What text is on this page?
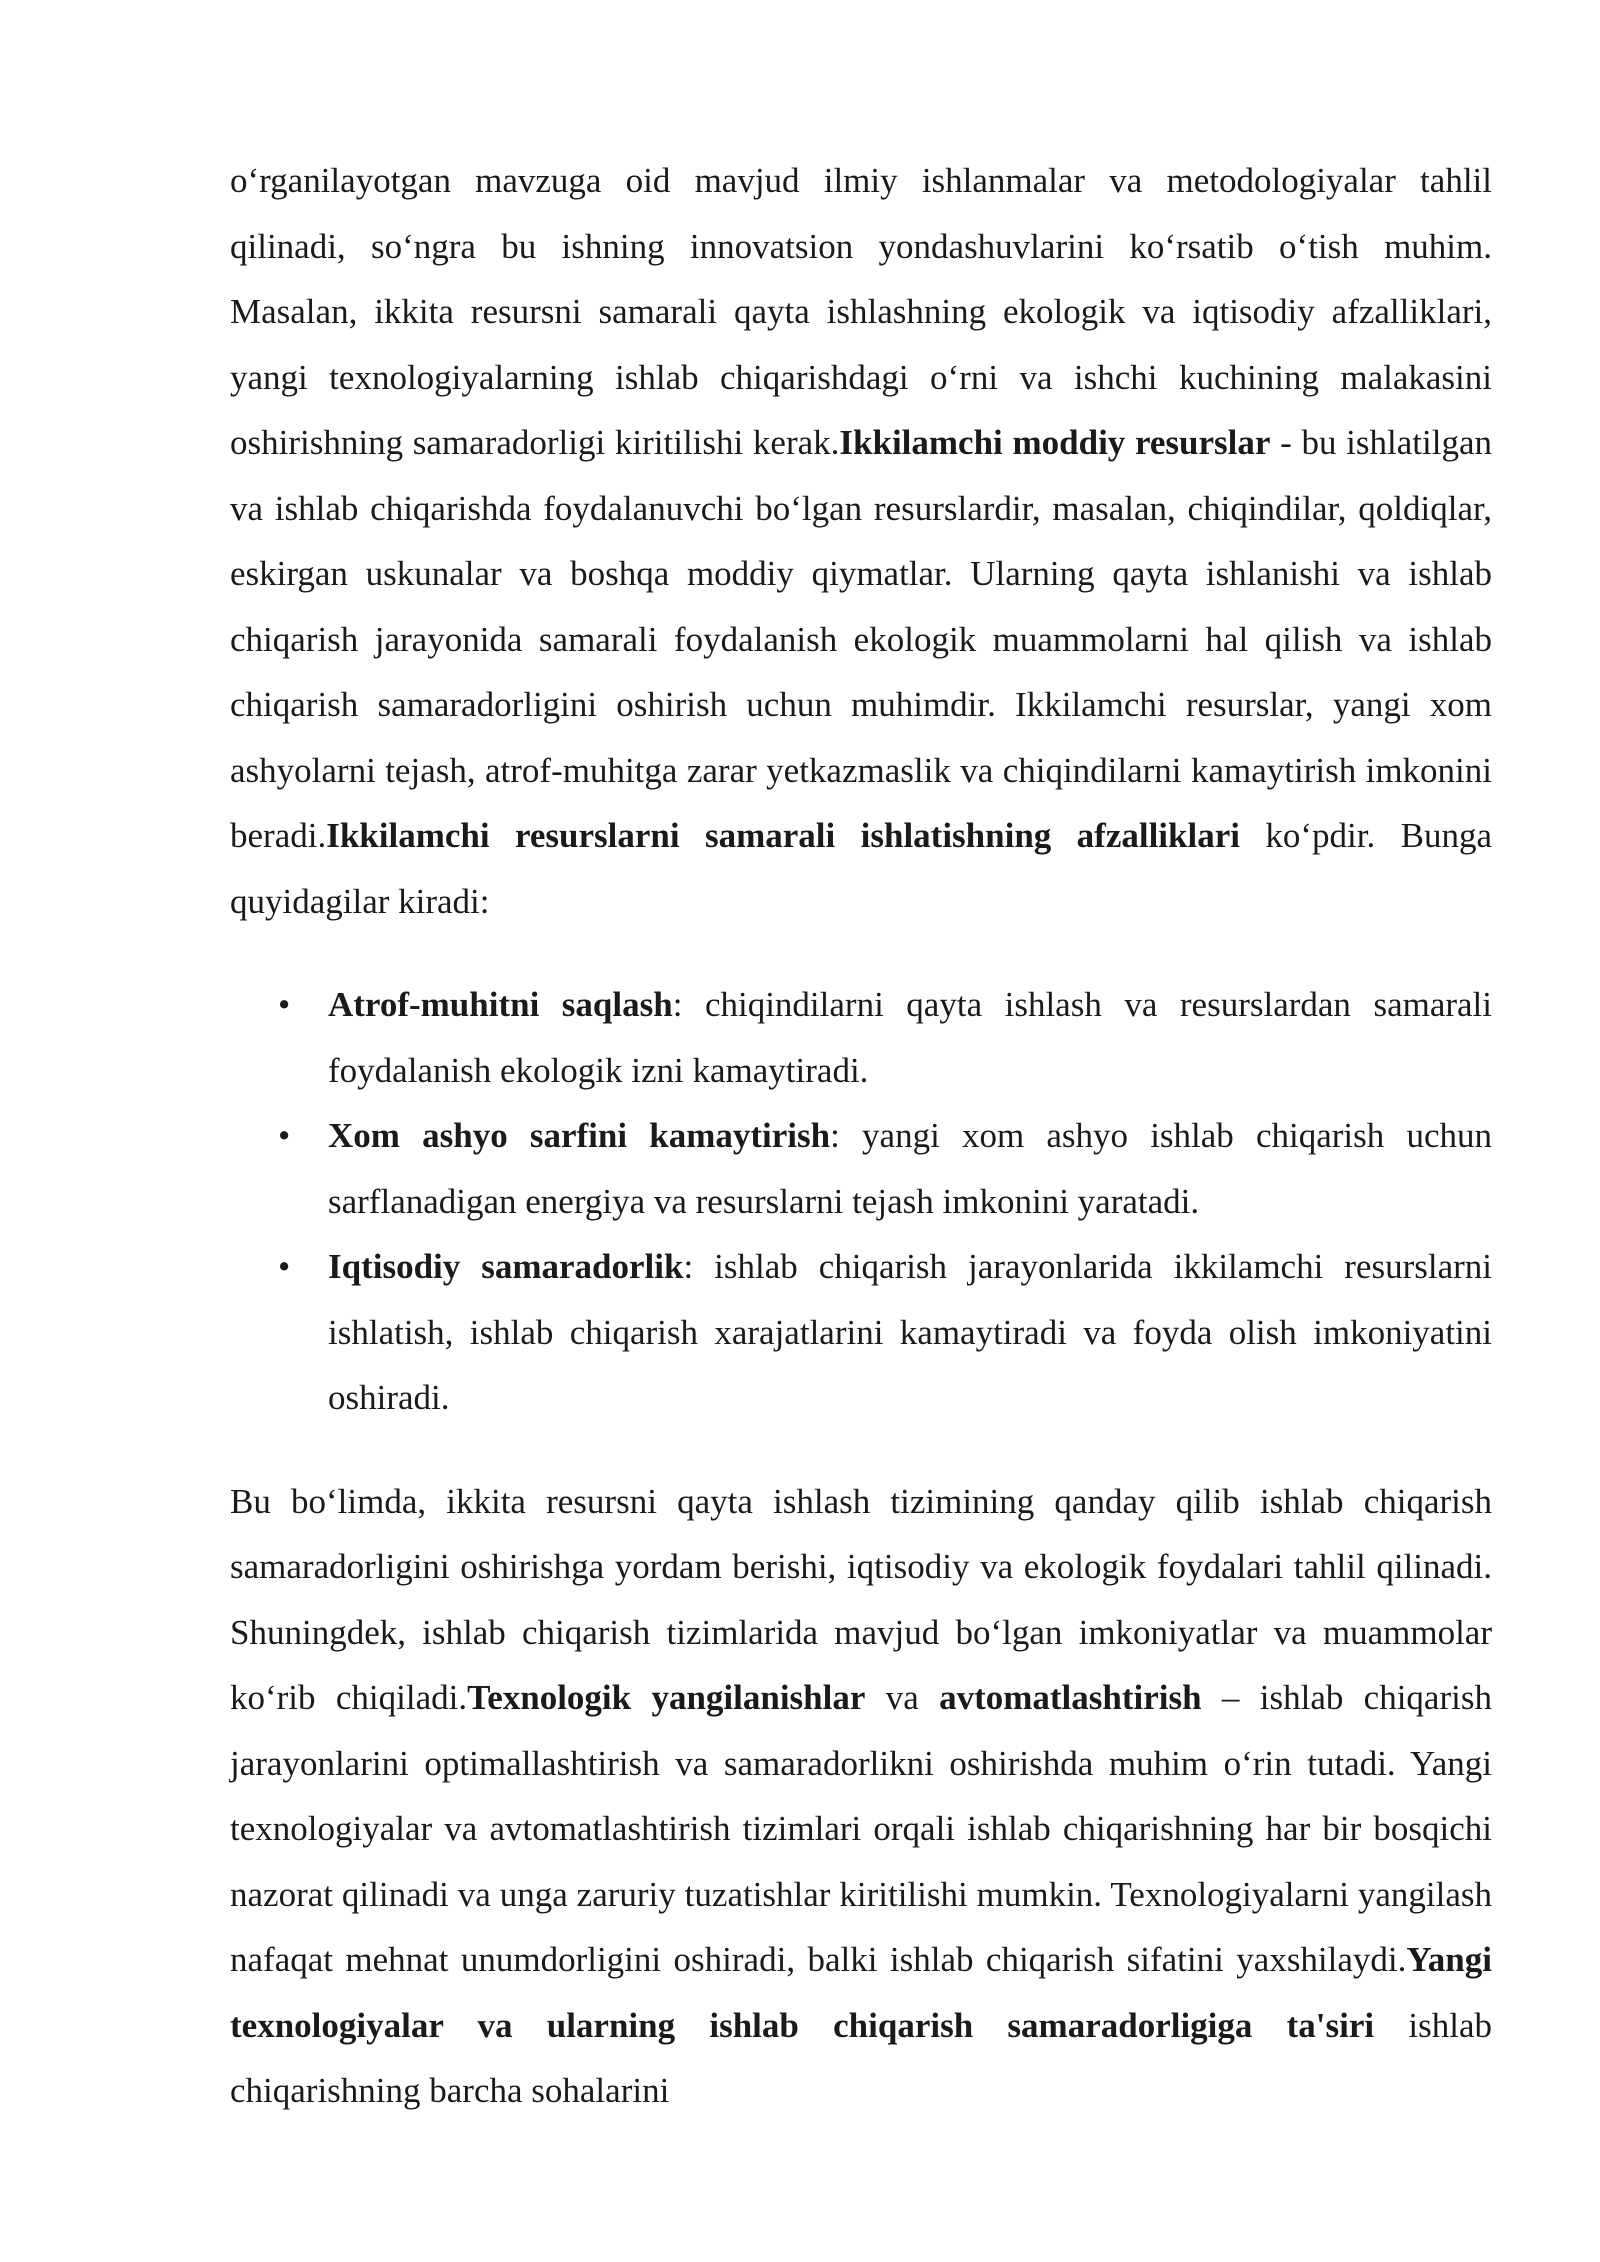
o‘rganilayotgan mavzuga oid mavjud ilmiy ishlanmalar va metodologiyalar tahlil qilinadi, so‘ngra bu ishning innovatsion yondashuvlarini ko‘rsatib o‘tish muhim. Masalan, ikkita resursni samarali qayta ishlashning ekologik va iqtisodiy afzalliklari, yangi texnologiyalarning ishlab chiqarishdagi o‘rni va ishchi kuchining malakasini oshirishning samaradorligi kiritilishi kerak.Ikkilamchi moddiy resurslar - bu ishlatilgan va ishlab chiqarishda foydalanuvchi bo‘lgan resurslardir, masalan, chiqindilar, qoldiqlar, eskirgan uskunalar va boshqa moddiy qiymatlar. Ularning qayta ishlanishi va ishlab chiqarish jarayonida samarali foydalanish ekologik muammolarni hal qilish va ishlab chiqarish samaradorligini oshirish uchun muhimdir. Ikkilamchi resurslar, yangi xom ashyolarni tejash, atrof-muhitga zarar yetkazmaslik va chiqindilarni kamaytirish imkonini beradi.Ikkilamchi resurslarni samarali ishlatishning afzalliklari ko‘pdir. Bunga quyidagilar kiradi:

• Atrof-muhitni saqlash: chiqindilarni qayta ishlash va resurslardan samarali foydalanish ekologik izni kamaytiradi.
• Xom ashyo sarfini kamaytirish: yangi xom ashyo ishlab chiqarish uchun sarflanadigan energiya va resurslarni tejash imkonini yaratadi.
• Iqtisodiy samaradorlik: ishlab chiqarish jarayonlarida ikkilamchi resurslarni ishlatish, ishlab chiqarish xarajatlarini kamaytiradi va foyda olish imkoniyatini oshiradi.

Bu bo‘limda, ikkita resursni qayta ishlash tizimining qanday qilib ishlab chiqarish samaradorligini oshirishga yordam berishi, iqtisodiy va ekologik foydalari tahlil qilinadi. Shuningdek, ishlab chiqarish tizimlarida mavjud bo‘lgan imkoniyatlar va muammolar ko‘rib chiqiladi.Texnologik yangilanishlar va avtomatlashtirish – ishlab chiqarish jarayonlarini optimallashtirish va samaradorlikni oshirishda muhim o‘rin tutadi. Yangi texnologiyalar va avtomatlashtirish tizimlari orqali ishlab chiqarishning har bir bosqichi nazorat qilinadi va unga zaruriy tuzatishlar kiritilishi mumkin. Texnologiyalarni yangilash nafaqat mehnat unumdorligini oshiradi, balki ishlab chiqarish sifatini yaxshilaydi.Yangi texnologiyalar va ularning ishlab chiqarish samaradorligiga ta'siri ishlab chiqarishning barcha sohalarini
